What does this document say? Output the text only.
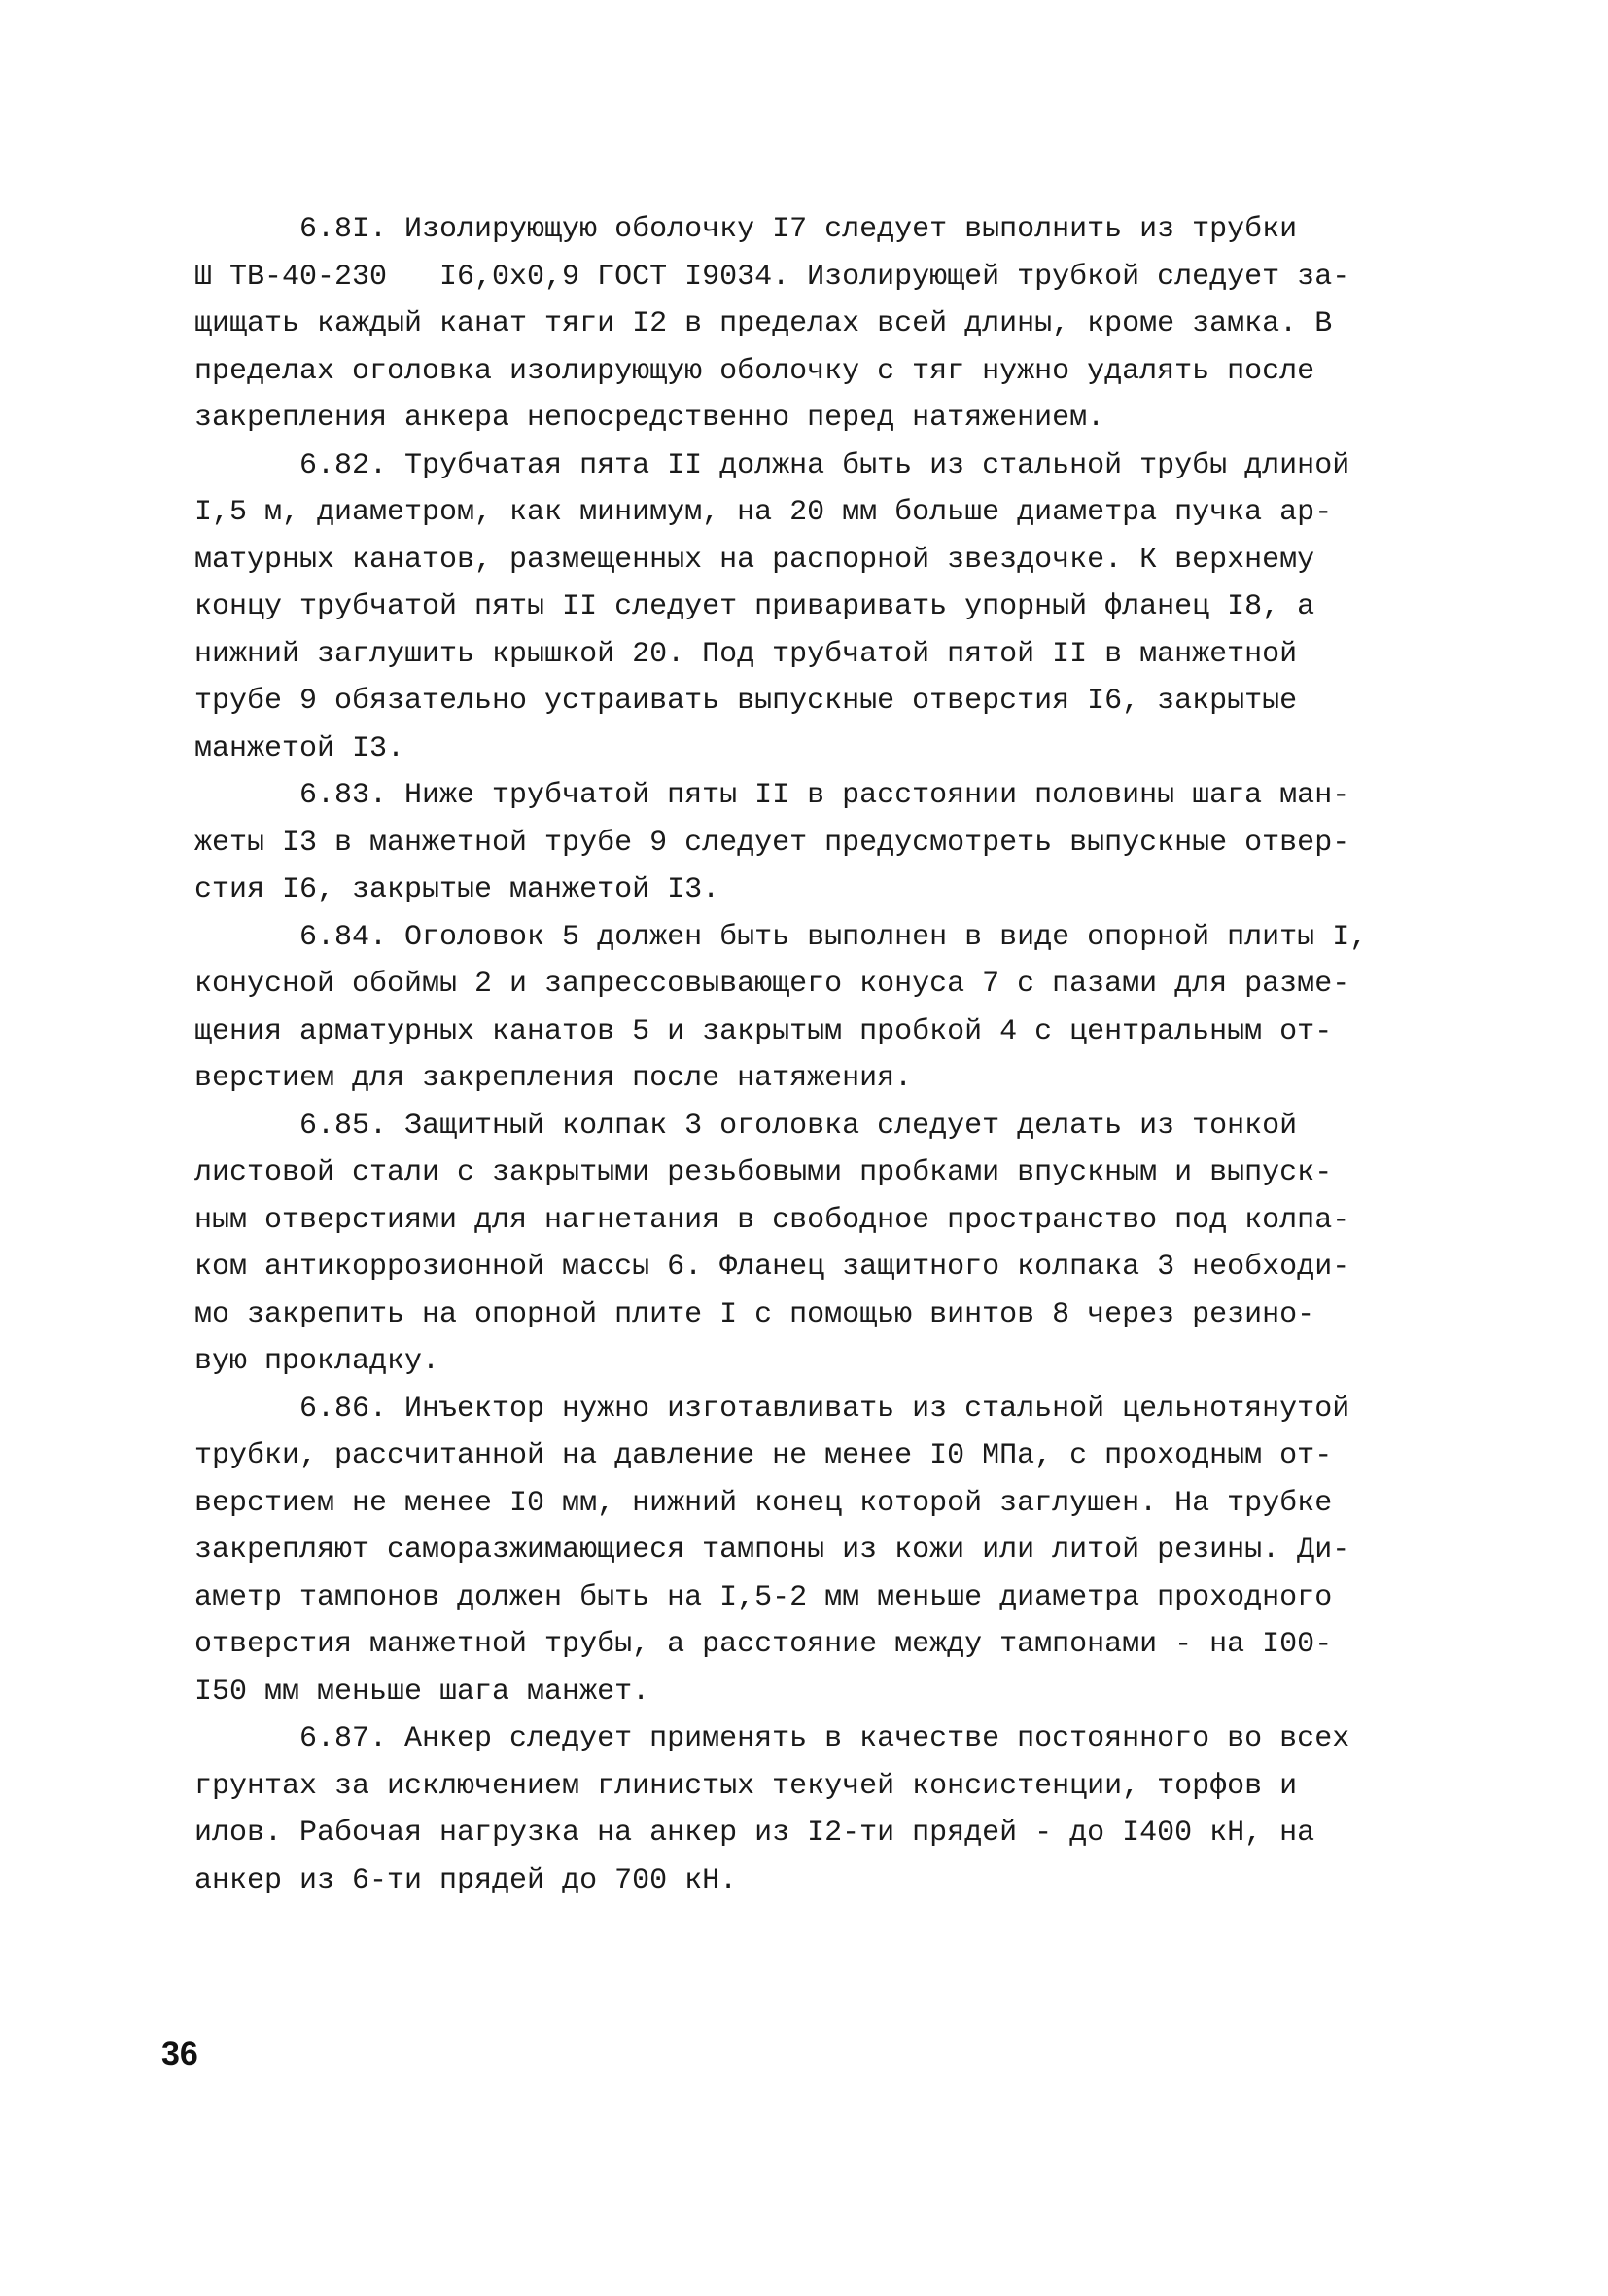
6.8I. Изолирующую оболочку I7 следует выполнить из трубки
Ш ТВ-40-230   I6,0х0,9 ГОСТ I9034. Изолирующей трубкой следует за-
щищать каждый канат тяги I2 в пределах всей длины, кроме замка. В
пределах оголовка изолирующую оболочку с тяг нужно удалять после
закрепления анкера непосредственно перед натяжением.
6.82. Трубчатая пята II должна быть из стальной трубы длиной
I,5 м, диаметром, как минимум, на 20 мм больше диаметра пучка ар-
матурных канатов, размещенных на распорной звездочке. К верхнему
концу трубчатой пяты II следует приваривать упорный фланец I8, а
нижний заглушить крышкой 20. Под трубчатой пятой II в манжетной
трубе 9 обязательно устраивать выпускные отверстия I6, закрытые
манжетой I3.
6.83. Ниже трубчатой пяты II в расстоянии половины шага ман-
жеты I3 в манжетной трубе 9 следует предусмотреть выпускные отвер-
стия I6, закрытые манжетой I3.
6.84. Оголовок 5 должен быть выполнен в виде опорной плиты I,
конусной обоймы 2 и запрессовывающего конуса 7 с пазами для разме-
щения арматурных канатов 5 и закрытым пробкой 4 с центральным от-
верстием для закрепления после натяжения.
6.85. Защитный колпак 3 оголовка следует делать из тонкой
листовой стали с закрытыми резьбовыми пробками впускным и выпуск-
ным отверстиями для нагнетания в свободное пространство под колпа-
ком антикоррозионной массы 6. Фланец защитного колпака 3 необходи-
мо закрепить на опорной плите I с помощью винтов 8 через резино-
вую прокладку.
6.86. Инъектор нужно изготавливать из стальной цельнотянутой
трубки, рассчитанной на давление не менее I0 МПа, с проходным от-
верстием не менее I0 мм, нижний конец которой заглушен. На трубке
закрепляют саморазжимающиеся тампоны из кожи или литой резины. Ди-
аметр тампонов должен быть на I,5-2 мм меньше диаметра проходного
отверстия манжетной трубы, а расстояние между тампонами - на I00-
I50 мм меньше шага манжет.
6.87. Анкер следует применять в качестве постоянного во всех
грунтах за исключением глинистых текучей консистенции, торфов и
илов. Рабочая нагрузка на анкер из I2-ти прядей - до I400 кН, на
анкер из 6-ти прядей до 700 кН.
36
